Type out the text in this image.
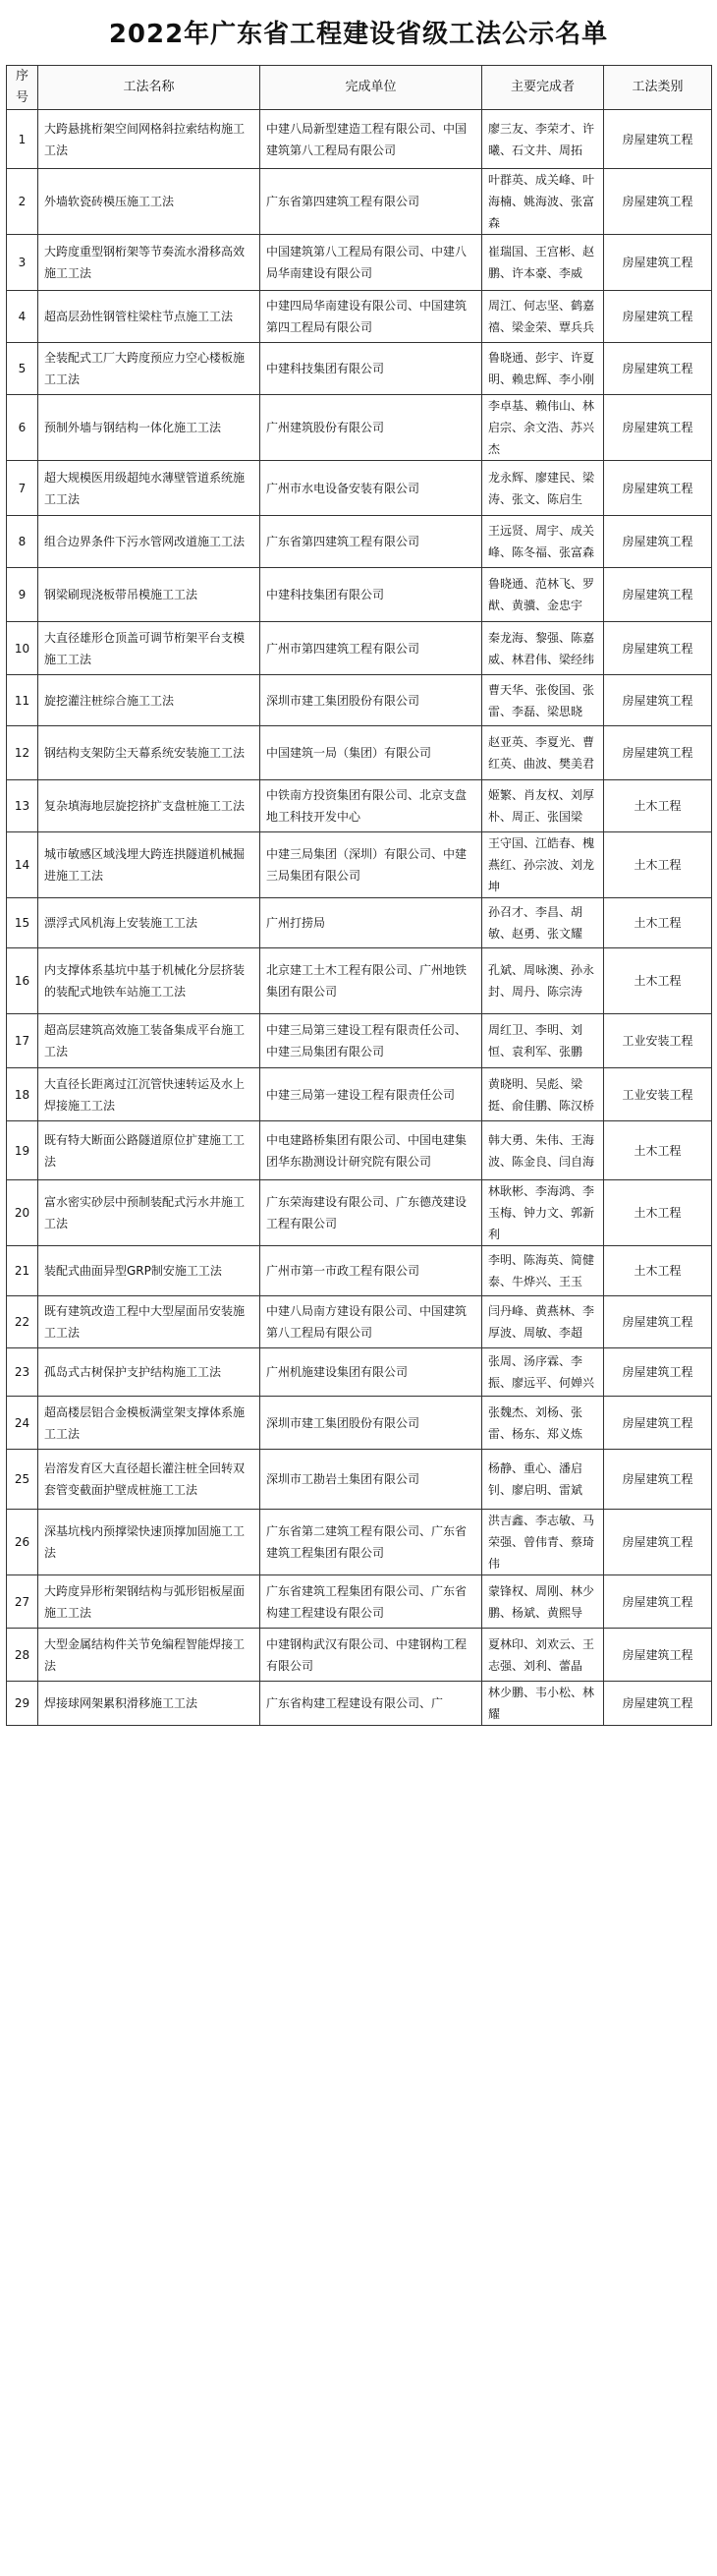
2022年广东省工程建设省级工法公示名单
序号	工法名称	完成单位	主要完成者	工法类别
1	大跨悬挑桁架空间网格斜拉索结构施工工法	中建八局新型建造工程有限公司、中国建筑第八工程局有限公司	廖三友、李荣才、许曦、石文井、周拓	房屋建筑工程
2	外墙软瓷砖模压施工工法	广东省第四建筑工程有限公司	叶群英、成关峰、叶海楠、姚海波、张富森	房屋建筑工程
3	大跨度重型钢桁架等节奏流水滑移高效施工工法	中国建筑第八工程局有限公司、中建八局华南建设有限公司	崔瑞国、王宫彬、赵鹏、许本豪、李威	房屋建筑工程
4	超高层劲性钢管柱梁柱节点施工工法	中建四局华南建设有限公司、中国建筑第四工程局有限公司	周江、何志坚、鹤嘉禧、梁金荣、覃兵兵	房屋建筑工程
5	全装配式工厂大跨度预应力空心楼板施工工法	中建科技集团有限公司	鲁晓通、彭宇、许夏明、赖忠辉、李小刚	房屋建筑工程
6	预制外墙与钢结构一体化施工工法	广州建筑股份有限公司	李卓基、赖伟山、林启宗、余文浩、苏兴杰	房屋建筑工程
7	超大规模医用级超纯水薄壁管道系统施工工法	广州市水电设备安装有限公司	龙永辉、廖建民、梁涛、张文、陈启生	房屋建筑工程
8	组合边界条件下污水管网改道施工工法	广东省第四建筑工程有限公司	王远贤、周宇、成关峰、陈冬福、张富森	房屋建筑工程
9	钢梁刷现浇板带吊模施工工法	中建科技集团有限公司	鲁晓通、范林飞、罗猷、黄骥、金忠宇	房屋建筑工程
10	大直径雄形仓顶盖可调节桁架平台支模施工工法	广州市第四建筑工程有限公司	秦龙海、黎强、陈嘉威、林君伟、梁经纬	房屋建筑工程
11	旋挖灌注桩综合施工工法	深圳市建工集团股份有限公司	曹天华、张俊国、张雷、李磊、梁思晓	房屋建筑工程
12	钢结构支架防尘天幕系统安装施工工法	中国建筑一局（集团）有限公司	赵亚英、李夏光、曹红英、曲波、樊美君	房屋建筑工程
13	复杂填海地层旋挖挤扩支盘桩施工工法	中铁南方投资集团有限公司、北京支盘地工科技开发中心	姬繁、肖友权、刘厚朴、周正、张国梁	土木工程
14	城市敏感区域浅埋大跨连拱隧道机械掘进施工工法	中建三局集团（深圳）有限公司、中建三局集团有限公司	王守国、江皓春、槐燕红、孙宗波、刘龙坤	土木工程
15	漂浮式风机海上安装施工工法	广州打捞局	孙召才、李昌、胡敏、赵勇、张文耀	土木工程
16	内支撑体系基坑中基于机械化分层挤装的装配式地铁车站施工工法	北京建工土木工程有限公司、广州地铁集团有限公司	孔斌、周咏澳、孙永封、周丹、陈宗涛	土木工程
17	超高层建筑高效施工装备集成平台施工工法	中建三局第三建设工程有限责任公司、中建三局集团有限公司	周红卫、李明、刘恒、袁利军、张鹏	工业安装工程
18	大直径长距离过江沉管快速转运及水上焊接施工工法	中建三局第一建设工程有限责任公司	黄晓明、吴彪、梁挺、俞佳鹏、陈汉桥	工业安装工程
19	既有特大断面公路隧道原位扩建施工工法	中电建路桥集团有限公司、中国电建集团华东勘测设计研究院有限公司	韩大勇、朱伟、王海波、陈金良、闫自海	土木工程
20	富水密实砂层中预制装配式污水井施工工法	广东荣海建设有限公司、广东德茂建设工程有限公司	林耿彬、李海鸿、李玉梅、钟力文、郭新利	土木工程
21	装配式曲面异型GRP制安施工工法	广州市第一市政工程有限公司	李明、陈海英、简健泰、牛烨兴、王玉	土木工程
22	既有建筑改造工程中大型屋面吊安装施工工法	中建八局南方建设有限公司、中国建筑第八工程局有限公司	闫丹峰、黄燕林、李厚波、周敏、李超	房屋建筑工程
23	孤岛式古树保护支护结构施工工法	广州机施建设集团有限公司	张周、汤序霖、李振、廖远平、何婵兴	房屋建筑工程
24	超高楼层铝合金模板满堂架支撑体系施工工法	深圳市建工集团股份有限公司	张魏杰、刘杨、张雷、杨东、郑义炼	房屋建筑工程
25	岩溶发育区大直径超长灌注桩全回转双套管变截面护壁成桩施工工法	深圳市工勘岩土集团有限公司	杨静、重心、潘启钊、廖启明、雷斌	房屋建筑工程
26	深基坑栈内预撑梁快速顶撑加固施工工法	广东省第二建筑工程有限公司、广东省建筑工程集团有限公司	洪吉鑫、李志敏、马荣强、曾伟青、蔡琦伟	房屋建筑工程
27	大跨度异形桁架钢结构与弧形铝板屋面施工工法	广东省建筑工程集团有限公司、广东省构建工程建设有限公司	蒙锋权、周刚、林少鹏、杨斌、黄熙导	房屋建筑工程
28	大型金属结构件关节免编程智能焊接工法	中建钢构武汉有限公司、中建钢构工程有限公司	夏林印、刘欢云、王志强、刘利、蕾晶	房屋建筑工程
29	焊接球网架累积滑移施工工法	广东省构建工程建设有限公司、广	林少鹏、韦小松、林耀	房屋建筑工程
